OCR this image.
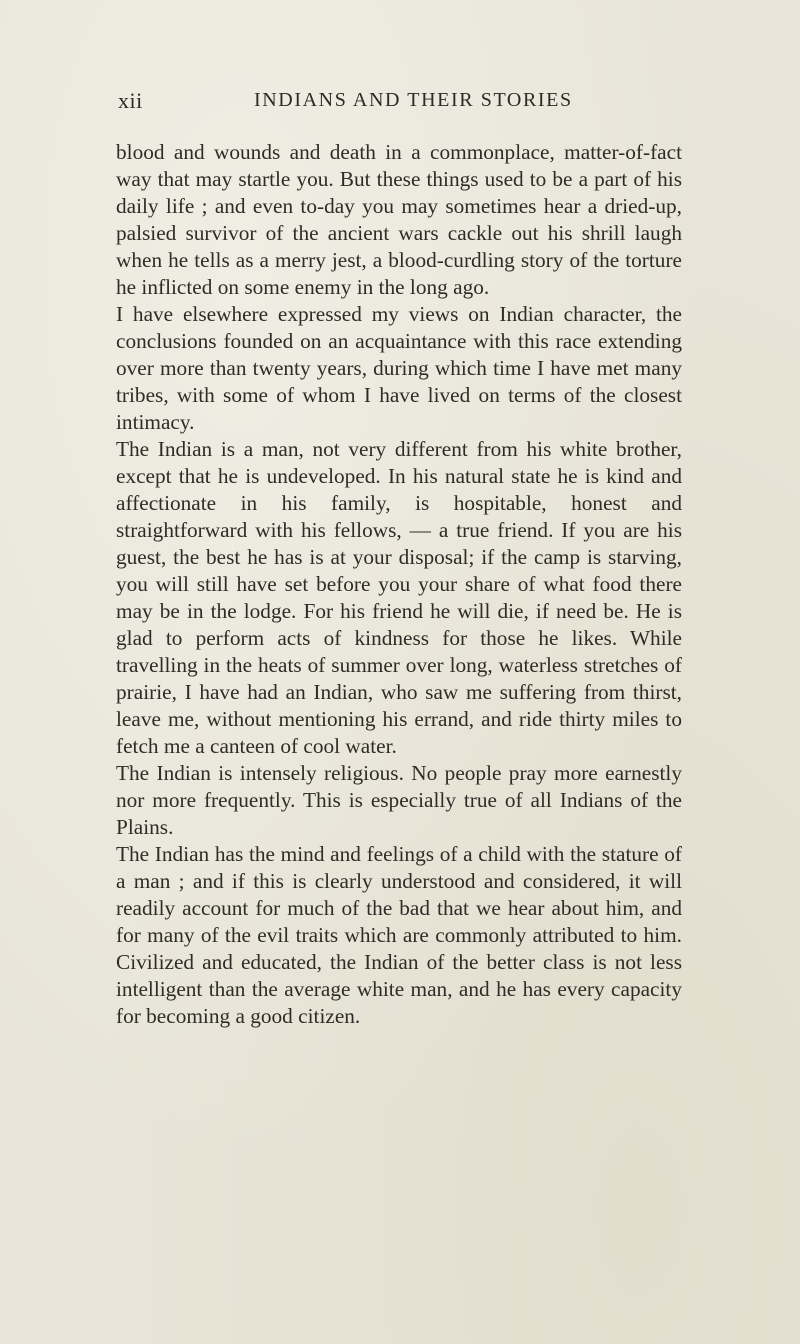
xii	INDIANS AND THEIR STORIES

blood and wounds and death in a commonplace, matter-of-fact way that may startle you. But these things used to be a part of his daily life ; and even to-day you may sometimes hear a dried-up, palsied survivor of the ancient wars cackle out his shrill laugh when he tells as a merry jest, a blood-curdling story of the torture he inflicted on some enemy in the long ago.

I have elsewhere expressed my views on Indian character, the conclusions founded on an acquaintance with this race extending over more than twenty years, during which time I have met many tribes, with some of whom I have lived on terms of the closest intimacy.

The Indian is a man, not very different from his white brother, except that he is undeveloped. In his natural state he is kind and affectionate in his family, is hospitable, honest and straightforward with his fellows, — a true friend. If you are his guest, the best he has is at your disposal; if the camp is starving, you will still have set before you your share of what food there may be in the lodge. For his friend he will die, if need be. He is glad to perform acts of kindness for those he likes. While travelling in the heats of summer over long, waterless stretches of prairie, I have had an Indian, who saw me suffering from thirst, leave me, without mentioning his errand, and ride thirty miles to fetch me a canteen of cool water.

The Indian is intensely religious. No people pray more earnestly nor more frequently. This is especially true of all Indians of the Plains.

The Indian has the mind and feelings of a child with the stature of a man ; and if this is clearly understood and considered, it will readily account for much of the bad that we hear about him, and for many of the evil traits which are commonly attributed to him. Civilized and educated, the Indian of the better class is not less intelligent than the average white man, and he has every capacity for becoming a good citizen.
